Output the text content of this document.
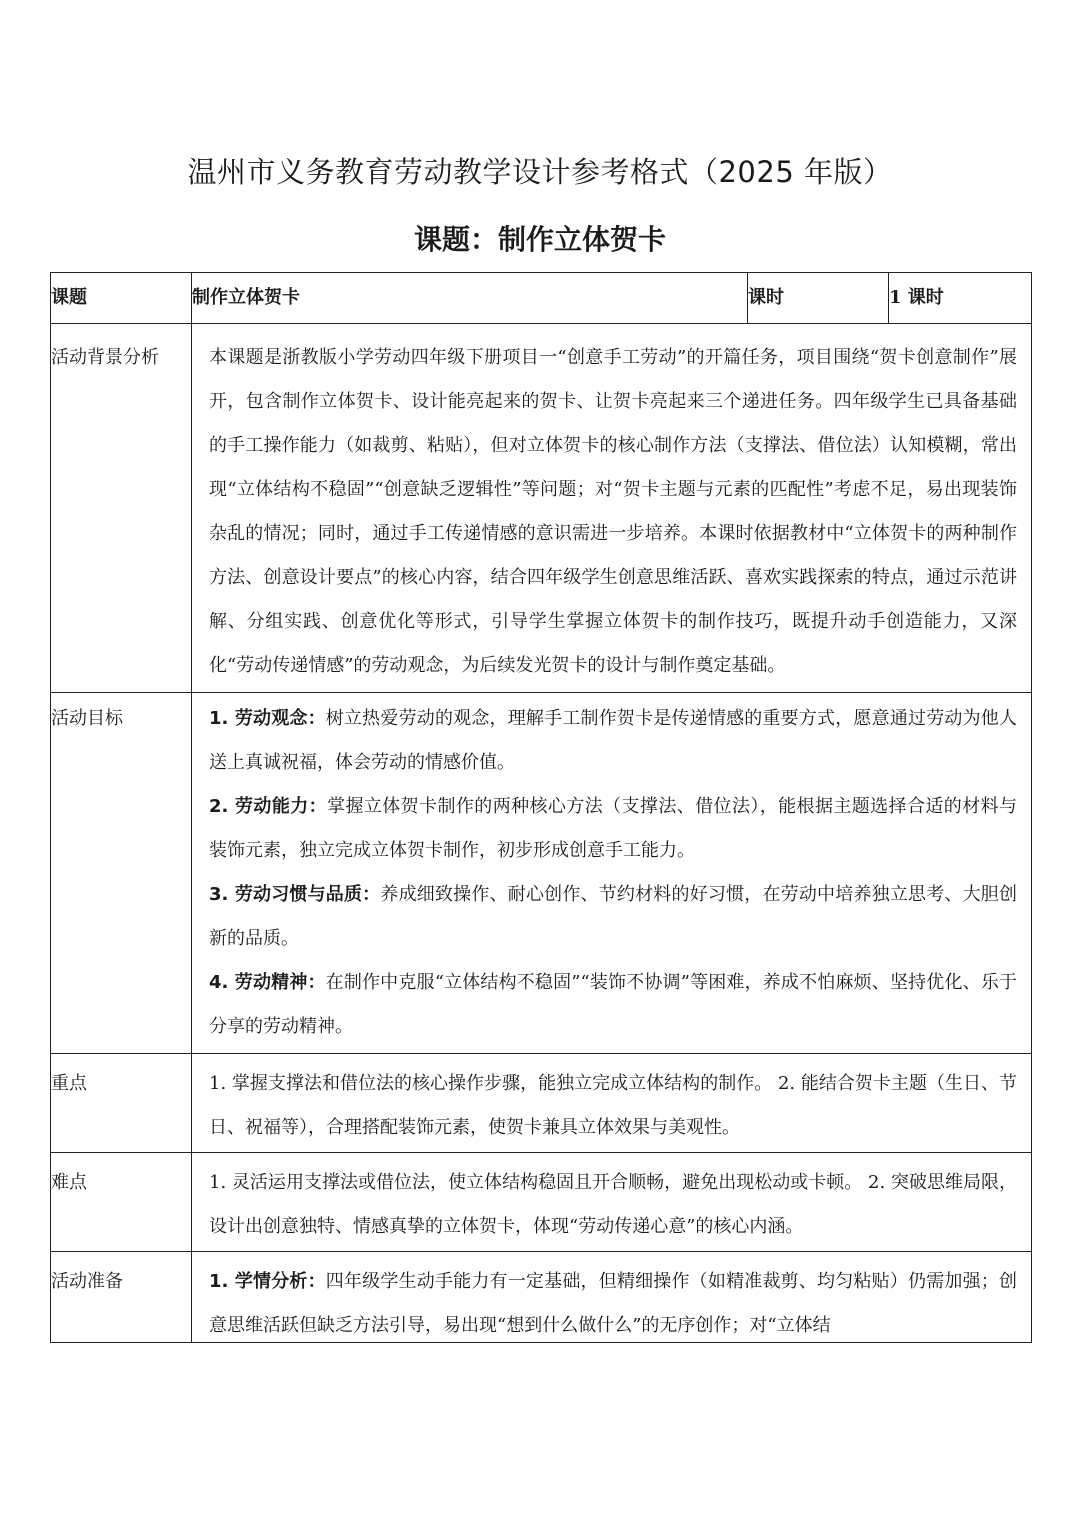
温州市义务教育劳动教学设计参考格式（2025 年版）
课题：制作立体贺卡
课题	制作立体贺卡	课时	1 课时
活动背景分析	本课题是浙教版小学劳动四年级下册项目一“创意手工劳动”的开篇任务，项目围绕“贺卡创意制作”展开，包含制作立体贺卡、设计能亮起来的贺卡、让贺卡亮起来三个递进任务。四年级学生已具备基础的手工操作能力（如裁剪、粘贴），但对立体贺卡的核心制作方法（支撑法、借位法）认知模糊，常出现“立体结构不稳固”“创意缺乏逻辑性”等问题；对“贺卡主题与元素的匹配性”考虑不足，易出现装饰杂乱的情况；同时，通过手工传递情感的意识需进一步培养。本课时依据教材中“立体贺卡的两种制作方法、创意设计要点”的核心内容，结合四年级学生创意思维活跃、喜欢实践探索的特点，通过示范讲解、分组实践、创意优化等形式，引导学生掌握立体贺卡的制作技巧，既提升动手创造能力，又深化“劳动传递情感”的劳动观念，为后续发光贺卡的设计与制作奠定基础。		

活动目标	1. 劳动观念：树立热爱劳动的观念，理解手工制作贺卡是传递情感的重要方式，愿意通过劳动为他人送上真诚祝福，体会劳动的情感价值。
2. 劳动能力：掌握立体贺卡制作的两种核心方法（支撑法、借位法），能根据主题选择合适的材料与装饰元素，独立完成立体贺卡制作，初步形成创意手工能力。
3. 劳动习惯与品质：养成细致操作、耐心创作、节约材料的好习惯，在劳动中培养独立思考、大胆创新的品质。
4. 劳动精神：在制作中克服“立体结构不稳固”“装饰不协调”等困难，养成不怕麻烦、坚持优化、乐于分享的劳动精神。		

重点	1. 掌握支撑法和借位法的核心操作步骤，能独立完成立体结构的制作。 2. 能结合贺卡主题（生日、节日、祝福等），合理搭配装饰元素，使贺卡兼具立体效果与美观性。		

难点	1. 灵活运用支撑法或借位法，使立体结构稳固且开合顺畅，避免出现松动或卡顿。 2. 突破思维局限，设计出创意独特、情感真挚的立体贺卡，体现“劳动传递心意”的核心内涵。		

活动准备	1. 学情分析：四年级学生动手能力有一定基础，但精细操作（如精准裁剪、均匀粘贴）仍需加强；创意思维活跃但缺乏方法引导，易出现“想到什么做什么”的无序创作；对“立体结		
